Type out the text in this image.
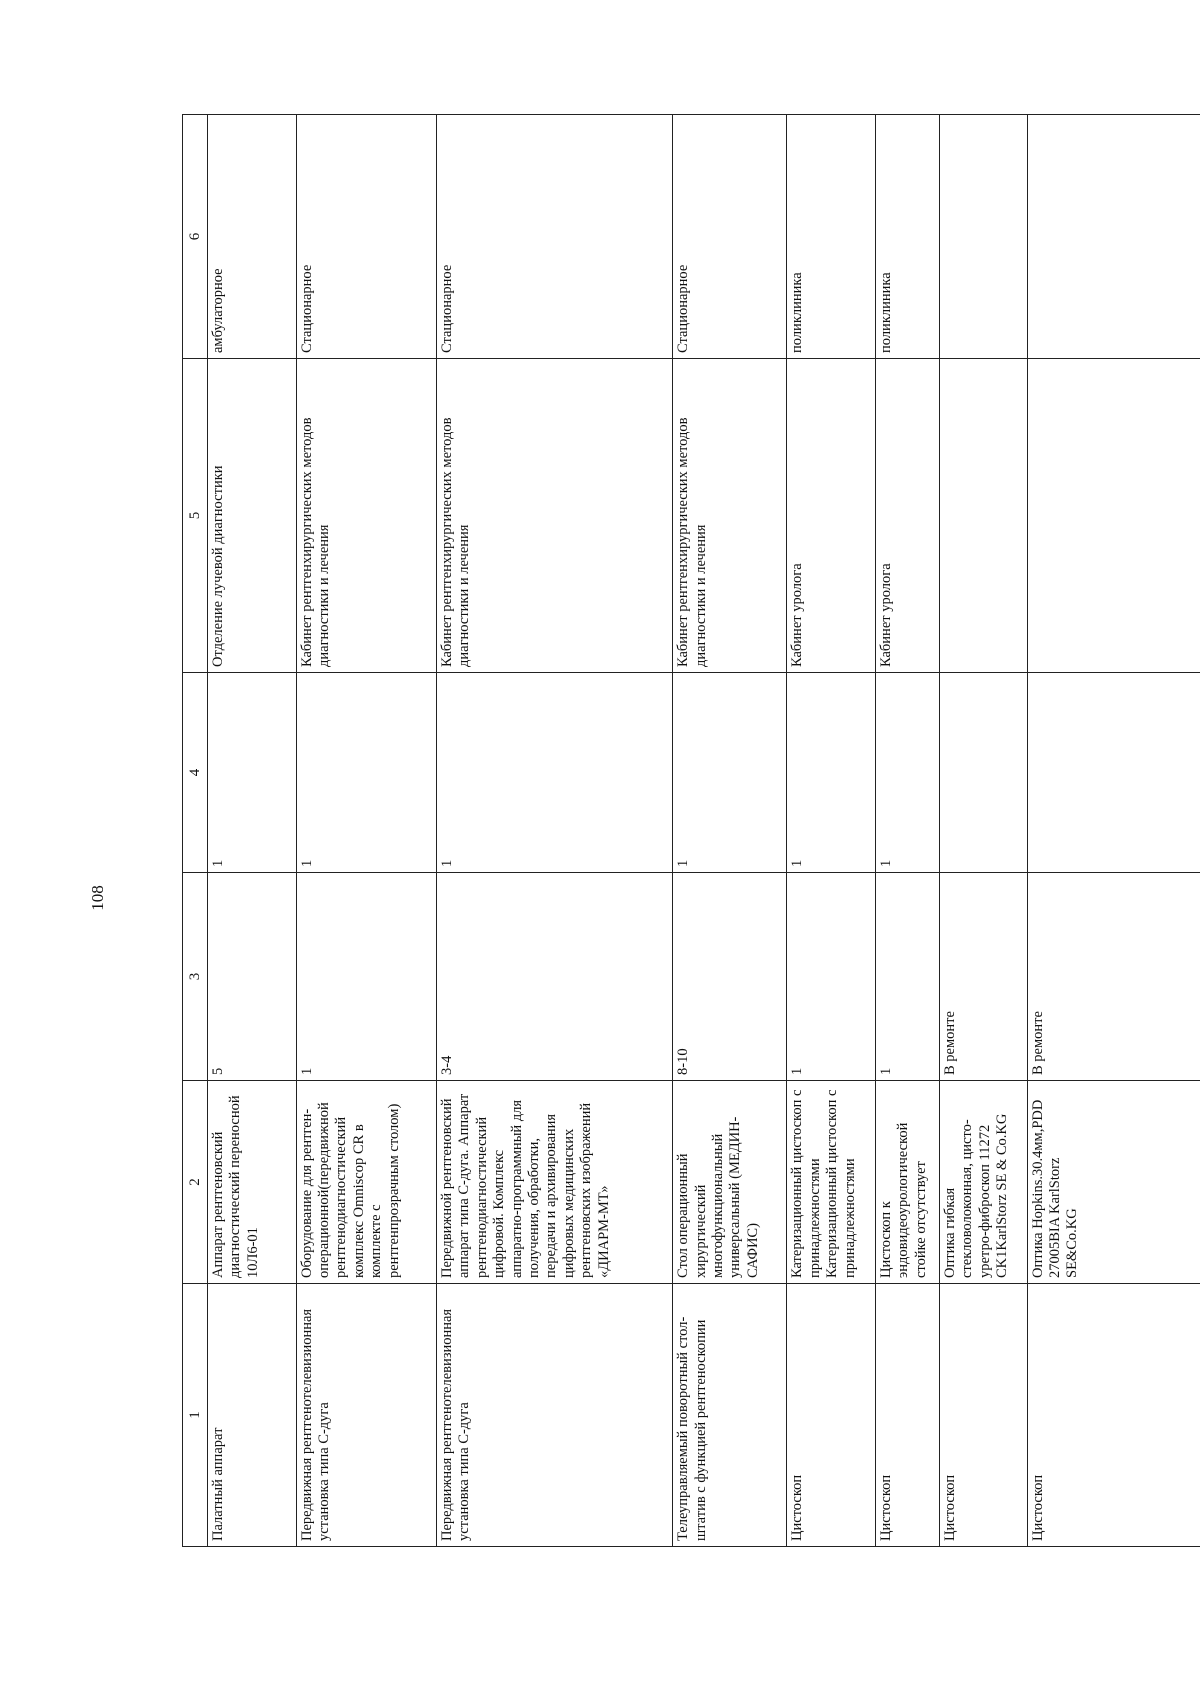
108
1	2	3	4	5	6
Палатный аппарат	Аппарат рентгеновский диагностический переносной 10Л6-01	5	1	Отделение лучевой диагностики	амбулаторное
Передвижная рентгенотелевизионная установка типа С-дуга	Оборудование для рентген-операционной(передвижной рентгенодиагностический комплекс Omniscop CR в комплекте с рентгенпрозрачным столом)	1	1	Кабинет рентгенхирургических методов диагностики и лечения	Стационарное
Передвижная рентгенотелевизионная установка типа С-дуга	Передвижной рентгеновский аппарат типа С-дуга. Аппарат рентгенодиагностический цифровой. Комплекс аппаратно-программный для получения, обработки, передачи и архивирования цифровых медицинских рентгеновских изображений «ДИАРМ-МТ»	3-4	1	Кабинет рентгенхирургических методов диагностики и лечения	Стационарное
Телеуправляемый поворотный стол-штатив с функцией рентгеноскопии	Стол операционный хирургический многофункциональный универсальный (МЕДИН-САФИС)	8-10	1	Кабинет рентгенхирургических методов диагностики и лечения	Стационарное
Цистоскоп	Катеризационный цистоскоп с принадлежностями Катеризационный цистоскоп с принадлежностями	1	1	Кабинет уролога	поликлиника
Цистоскоп	Цистоскоп к эндовидеоурологической стойке отсутствует	1	1	Кабинет уролога	поликлиника
Цистоскоп	Оптика гибкая стекловолоконная, цисто-уретро-фиброскоп 11272 CK1KarlStorz SE & Co.KG	В ремонте			
Цистоскоп	Оптика Hopkins.30.4мм,PDD 27005BIA KarlStorz SE&Co.KG	В ремонте			
